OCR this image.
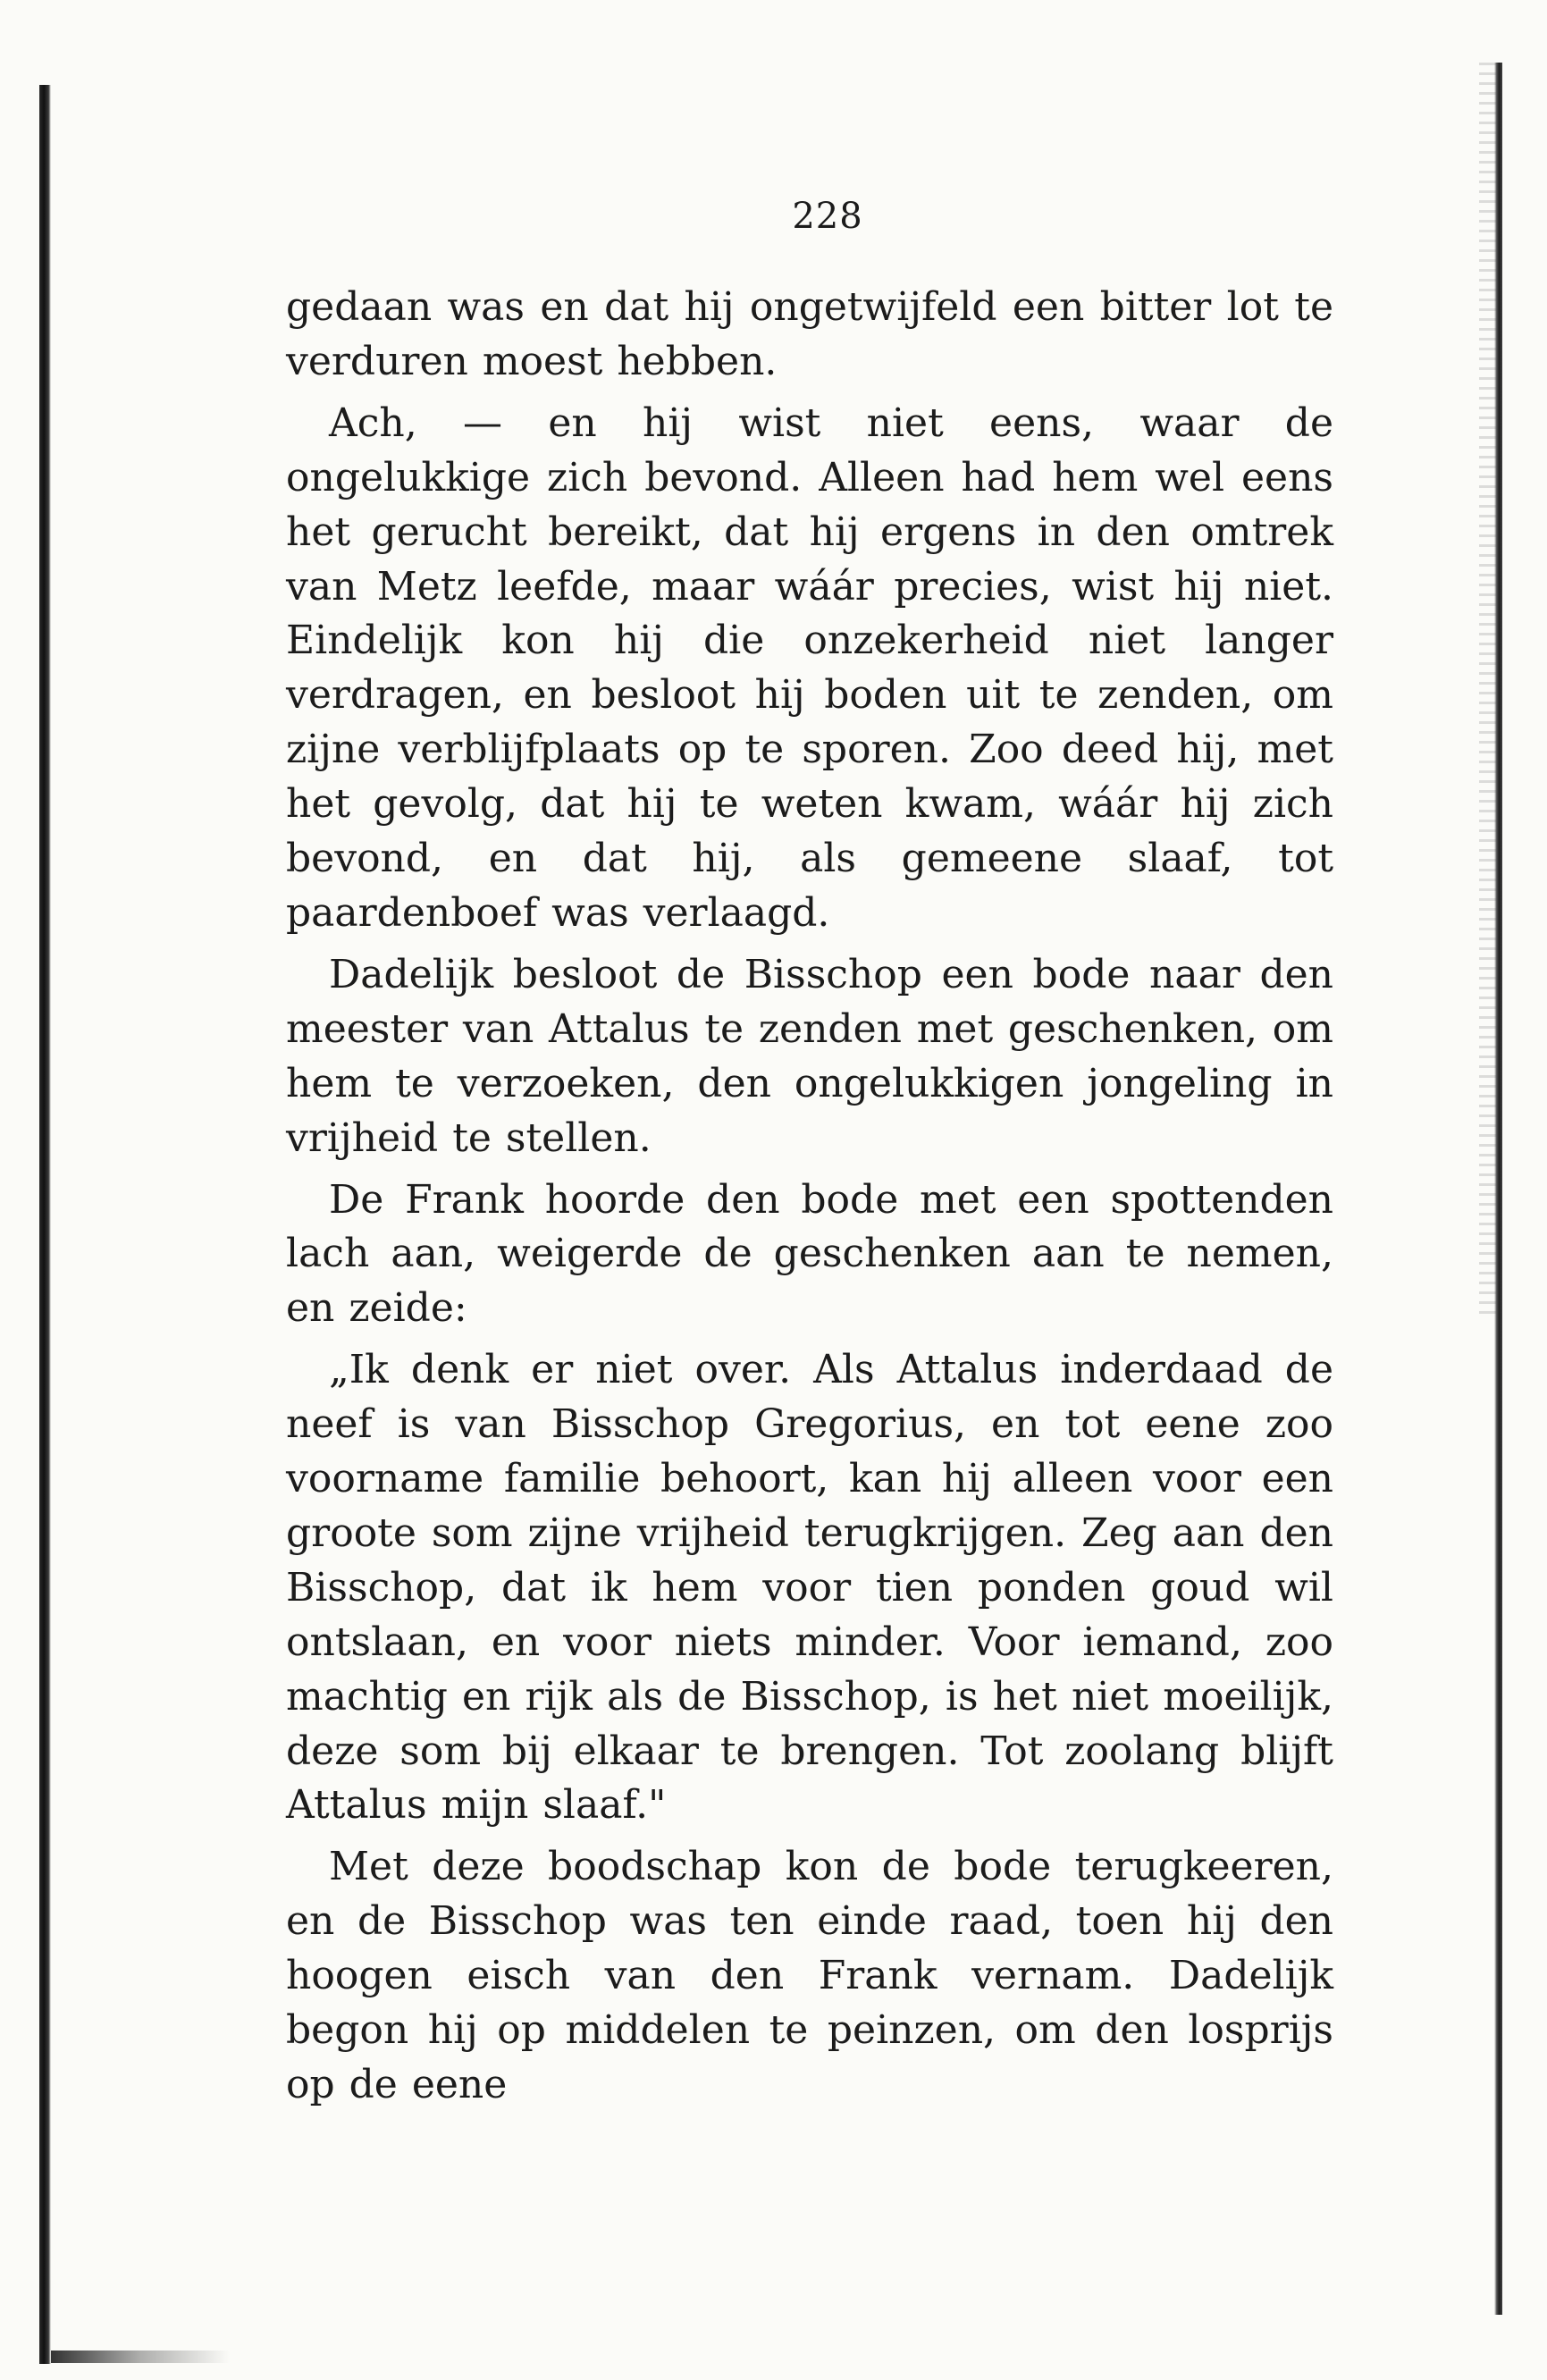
228

gedaan was en dat hij ongetwijfeld een bitter lot te verduren moest hebben.

Ach, — en hij wist niet eens, waar de ongelukkige zich bevond. Alleen had hem wel eens het gerucht bereikt, dat hij ergens in den omtrek van Metz leefde, maar wáár precies, wist hij niet. Eindelijk kon hij die onzekerheid niet langer verdragen, en besloot hij boden uit te zenden, om zijne verblijfplaats op te sporen. Zoo deed hij, met het gevolg, dat hij te weten kwam, wáár hij zich bevond, en dat hij, als gemeene slaaf, tot paardenboef was verlaagd.

Dadelijk besloot de Bisschop een bode naar den meester van Attalus te zenden met geschenken, om hem te verzoeken, den ongelukkigen jongeling in vrijheid te stellen.

De Frank hoorde den bode met een spottenden lach aan, weigerde de geschenken aan te nemen, en zeide:

„Ik denk er niet over. Als Attalus inderdaad de neef is van Bisschop Gregorius, en tot eene zoo voorname familie behoort, kan hij alleen voor een groote som zijne vrijheid terugkrijgen. Zeg aan den Bisschop, dat ik hem voor tien ponden goud wil ontslaan, en voor niets minder. Voor iemand, zoo machtig en rijk als de Bisschop, is het niet moeilijk, deze som bij elkaar te brengen. Tot zoolang blijft Attalus mijn slaaf."

Met deze boodschap kon de bode terugkeeren, en de Bisschop was ten einde raad, toen hij den hoogen eisch van den Frank vernam. Dadelijk begon hij op middelen te peinzen, om den losprijs op de eene
